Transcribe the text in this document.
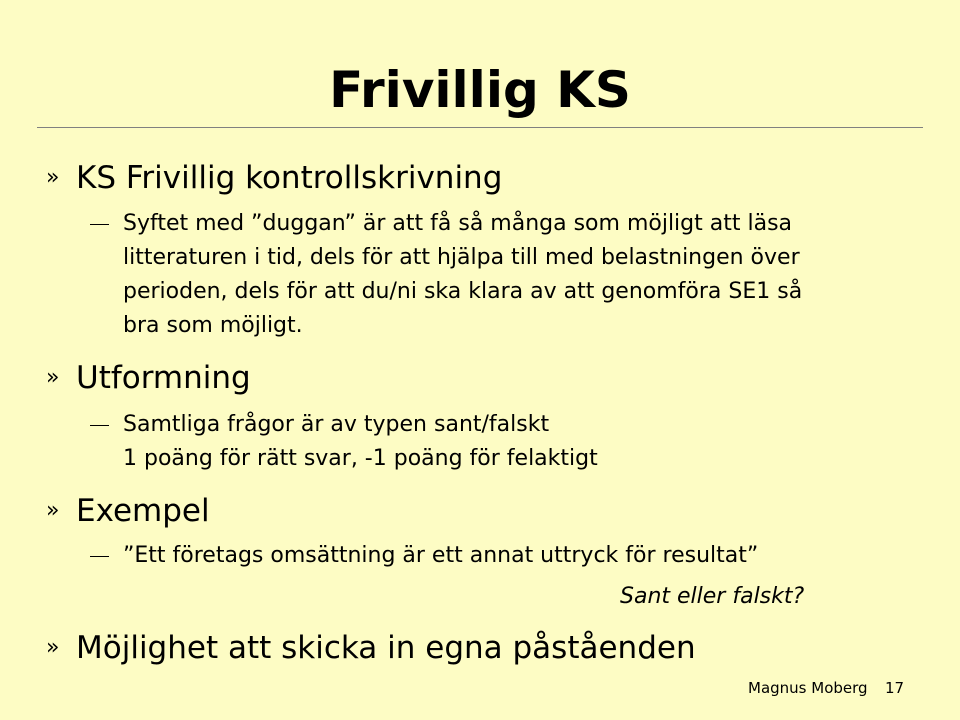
Frivillig KS
» KS Frivillig kontrollskrivning
Syftet med ”duggan” är att få så många som möjligt att läsa
litteraturen i tid, dels för att hjälpa till med belastningen över
perioden, dels för att du/ni ska klara av att genomföra SE1 så
bra som möjligt.
» Utformning
Samtliga frågor är av typen sant/falskt
1 poäng för rätt svar, -1 poäng för felaktigt
» Exempel
”Ett företags omsättning är ett annat uttryck för resultat”
Sant eller falskt?
» Möjlighet att skicka in egna påståenden
Magnus Moberg 17
